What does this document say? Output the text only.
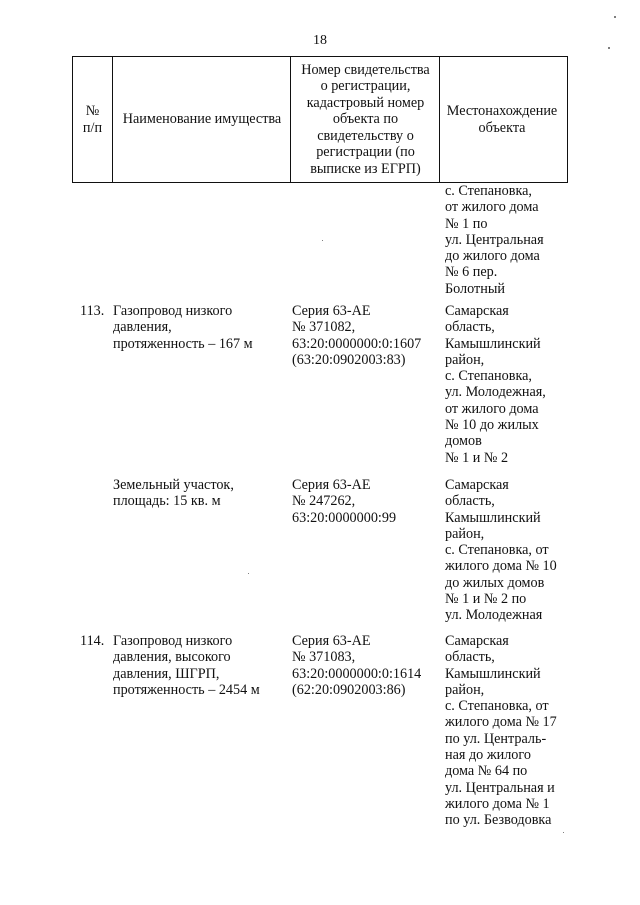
18
№
п/п
Наименование имущества
Номер свидетельства
о регистрации,
кадастровый номер
объекта по
свидетельству о
регистрации (по
выписке из ЕГРП)
Местонахождение
объекта
с. Степановка,
от жилого дома
№ 1 по
ул. Центральная
до жилого дома
№ 6 пер.
Болотный
113. Газопровод низкого
давления,
протяженность – 167 м
Серия 63-АЕ
№ 371082,
63:20:0000000:0:1607
(63:20:0902003:83)
Самарская
область,
Камышлинский
район,
с. Степановка,
ул. Молодежная,
от жилого дома
№ 10 до жилых
домов
№ 1 и № 2
Земельный участок,
площадь: 15 кв. м
Серия 63-АЕ
№ 247262,
63:20:0000000:99
Самарская
область,
Камышлинский
район,
с. Степановка, от
жилого дома № 10
до жилых домов
№ 1 и № 2 по
ул. Молодежная
114. Газопровод низкого
давления, высокого
давления, ШГРП,
протяженность – 2454 м
Серия 63-АЕ
№ 371083,
63:20:0000000:0:1614
(62:20:0902003:86)
Самарская
область,
Камышлинский
район,
с. Степановка, от
жилого дома № 17
по ул. Централь-
ная до жилого
дома № 64 по
ул. Центральная и
жилого дома № 1
по ул. Безводовка
